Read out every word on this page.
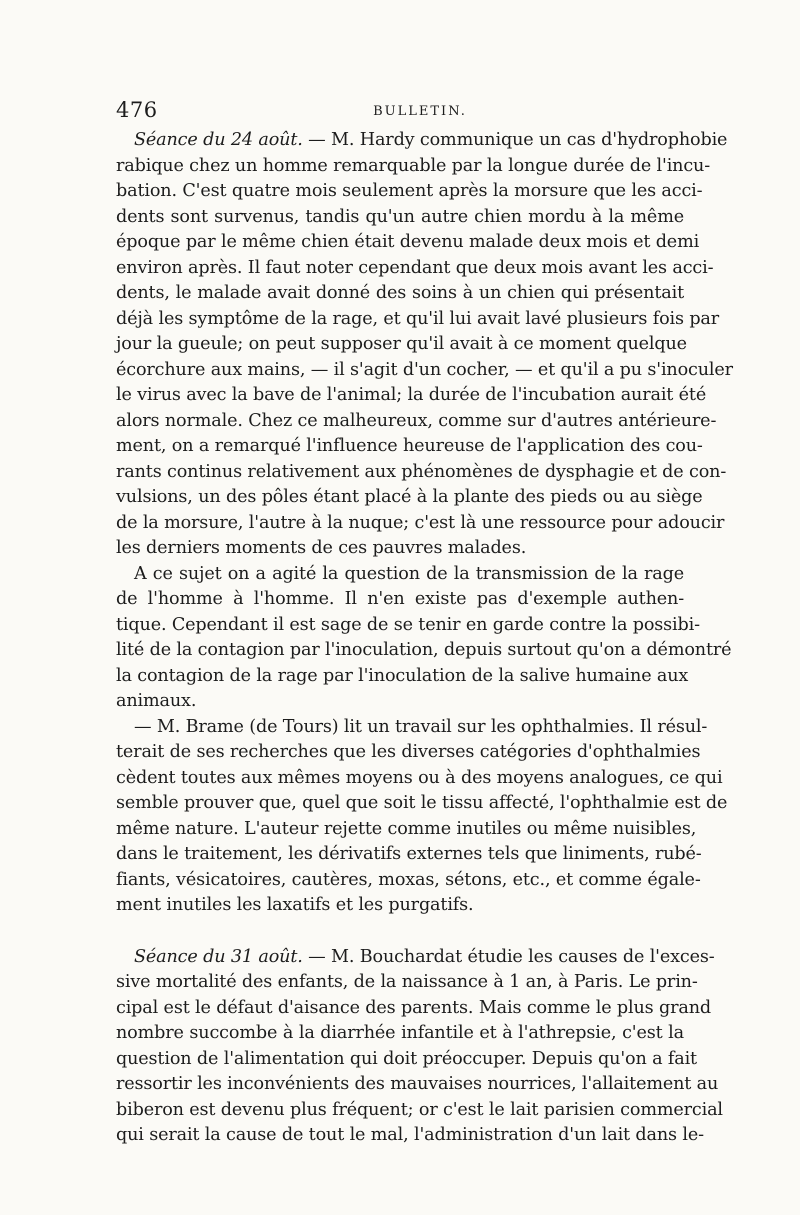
476	BULLETIN.
Séance du 24 août. — M. Hardy communique un cas d'hydrophobie
rabique chez un homme remarquable par la longue durée de l'incu-
bation. C'est quatre mois seulement après la morsure que les acci-
dents sont survenus, tandis qu'un autre chien mordu à la même
époque par le même chien était devenu malade deux mois et demi
environ après. Il faut noter cependant que deux mois avant les acci-
dents, le malade avait donné des soins à un chien qui présentait
déjà les symptôme de la rage, et qu'il lui avait lavé plusieurs fois par
jour la gueule; on peut supposer qu'il avait à ce moment quelque
écorchure aux mains, — il s'agit d'un cocher, — et qu'il a pu s'inoculer
le virus avec la bave de l'animal; la durée de l'incubation aurait été
alors normale. Chez ce malheureux, comme sur d'autres antérieure-
ment, on a remarqué l'influence heureuse de l'application des cou-
rants continus relativement aux phénomènes de dysphagie et de con-
vulsions, un des pôles étant placé à la plante des pieds ou au siège
de la morsure, l'autre à la nuque; c'est là une ressource pour adoucir
les derniers moments de ces pauvres malades.
A ce sujet on a agité la question de la transmission de la rage
de l'homme à l'homme. Il n'en existe pas d'exemple authen-
tique. Cependant il est sage de se tenir en garde contre la possibi-
lité de la contagion par l'inoculation, depuis surtout qu'on a démontré
la contagion de la rage par l'inoculation de la salive humaine aux
animaux.
— M. Brame (de Tours) lit un travail sur les ophthalmies. Il résul-
terait de ses recherches que les diverses catégories d'ophthalmies
cèdent toutes aux mêmes moyens ou à des moyens analogues, ce qui
semble prouver que, quel que soit le tissu affecté, l'ophthalmie est de
même nature. L'auteur rejette comme inutiles ou même nuisibles,
dans le traitement, les dérivatifs externes tels que liniments, rubé-
fiants, vésicatoires, cautères, moxas, sétons, etc., et comme égale-
ment inutiles les laxatifs et les purgatifs.
Séance du 31 août. — M. Bouchardat étudie les causes de l'exces-
sive mortalité des enfants, de la naissance à 1 an, à Paris. Le prin-
cipal est le défaut d'aisance des parents. Mais comme le plus grand
nombre succombe à la diarrhée infantile et à l'athrepsie, c'est la
question de l'alimentation qui doit préoccuper. Depuis qu'on a fait
ressortir les inconvénients des mauvaises nourrices, l'allaitement au
biberon est devenu plus fréquent; or c'est le lait parisien commercial
qui serait la cause de tout le mal, l'administration d'un lait dans le-
